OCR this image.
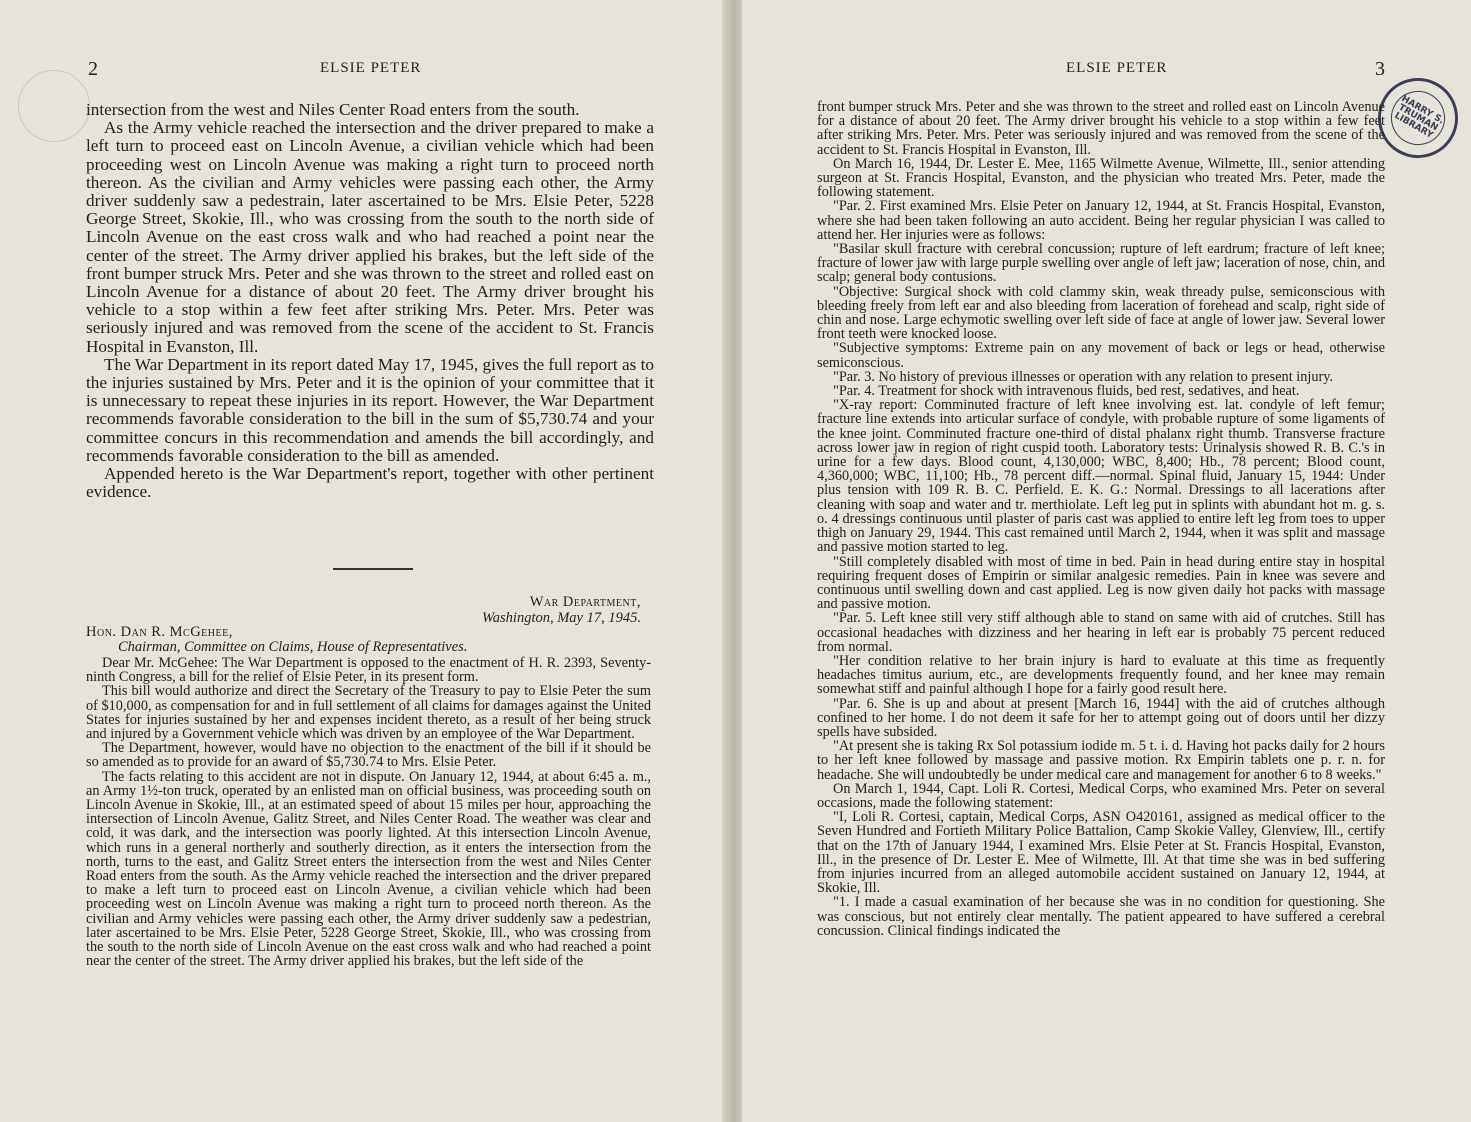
2	ELSIE PETER

intersection from the west and Niles Center Road enters from the south.

As the Army vehicle reached the intersection and the driver prepared to make a left turn to proceed east on Lincoln Avenue, a civilian vehicle which had been proceeding west on Lincoln Avenue was making a right turn to proceed north thereon. As the civilian and Army vehicles were passing each other, the Army driver suddenly saw a pedestrain, later ascertained to be Mrs. Elsie Peter, 5228 George Street, Skokie, Ill., who was crossing from the south to the north side of Lincoln Avenue on the east cross walk and who had reached a point near the center of the street. The Army driver applied his brakes, but the left side of the front bumper struck Mrs. Peter and she was thrown to the street and rolled east on Lincoln Avenue for a distance of about 20 feet. The Army driver brought his vehicle to a stop within a few feet after striking Mrs. Peter. Mrs. Peter was seriously injured and was removed from the scene of the accident to St. Francis Hospital in Evanston, Ill.

The War Department in its report dated May 17, 1945, gives the full report as to the injuries sustained by Mrs. Peter and it is the opinion of your committee that it is unnecessary to repeat these injuries in its report. However, the War Department recommends favorable consideration to the bill in the sum of $5,730.74 and your committee concurs in this recommendation and amends the bill accordingly, and recommends favorable consideration to the bill as amended.

Appended hereto is the War Department's report, together with other pertinent evidence.

War Department,
Washington, May 17, 1945.
Hon. Dan R. McGehee,
Chairman, Committee on Claims, House of Representatives.

Dear Mr. McGehee: The War Department is opposed to the enactment of H. R. 2393, Seventy-ninth Congress, a bill for the relief of Elsie Peter, in its present form.

This bill would authorize and direct the Secretary of the Treasury to pay to Elsie Peter the sum of $10,000, as compensation for and in full settlement of all claims for damages against the United States for injuries sustained by her and expenses incident thereto, as a result of her being struck and injured by a Government vehicle which was driven by an employee of the War Department.

The Department, however, would have no objection to the enactment of the bill if it should be so amended as to provide for an award of $5,730.74 to Mrs. Elsie Peter.

The facts relating to this accident are not in dispute. On January 12, 1944, at about 6:45 a. m., an Army 1½-ton truck, operated by an enlisted man on official business, was proceeding south on Lincoln Avenue in Skokie, Ill., at an estimated speed of about 15 miles per hour, approaching the intersection of Lincoln Avenue, Galitz Street, and Niles Center Road. The weather was clear and cold, it was dark, and the intersection was poorly lighted. At this intersection Lincoln Avenue, which runs in a general northerly and southerly direction, as it enters the intersection from the north, turns to the east, and Galitz Street enters the intersection from the west and Niles Center Road enters from the south. As the Army vehicle reached the intersection and the driver prepared to make a left turn to proceed east on Lincoln Avenue, a civilian vehicle which had been proceeding west on Lincoln Avenue was making a right turn to proceed north thereon. As the civilian and Army vehicles were passing each other, the Army driver suddenly saw a pedestrian, later ascertained to be Mrs. Elsie Peter, 5228 George Street, Skokie, Ill., who was crossing from the south to the north side of Lincoln Avenue on the east cross walk and who had reached a point near the center of the street. The Army driver applied his brakes, but the left side of the

ELSIE PETER	3
HARRY S. TRUMAN LIBRARY

front bumper struck Mrs. Peter and she was thrown to the street and rolled east on Lincoln Avenue for a distance of about 20 feet. The Army driver brought his vehicle to a stop within a few feet after striking Mrs. Peter. Mrs. Peter was seriously injured and was removed from the scene of the accident to St. Francis Hospital in Evanston, Ill.

On March 16, 1944, Dr. Lester E. Mee, 1165 Wilmette Avenue, Wilmette, Ill., senior attending surgeon at St. Francis Hospital, Evanston, and the physician who treated Mrs. Peter, made the following statement.

"Par. 2. First examined Mrs. Elsie Peter on January 12, 1944, at St. Francis Hospital, Evanston, where she had been taken following an auto accident. Being her regular physician I was called to attend her. Her injuries were as follows:

"Basilar skull fracture with cerebral concussion; rupture of left eardrum; fracture of left knee; fracture of lower jaw with large purple swelling over angle of left jaw; laceration of nose, chin, and scalp; general body contusions.

"Objective: Surgical shock with cold clammy skin, weak thready pulse, semiconscious with bleeding freely from left ear and also bleeding from laceration of forehead and scalp, right side of chin and nose. Large echymotic swelling over left side of face at angle of lower jaw. Several lower front teeth were knocked loose.

"Subjective symptoms: Extreme pain on any movement of back or legs or head, otherwise semiconscious.

"Par. 3. No history of previous illnesses or operation with any relation to present injury.

"Par. 4. Treatment for shock with intravenous fluids, bed rest, sedatives, and heat.

"X-ray report: Comminuted fracture of left knee involving est. lat. condyle of left femur; fracture line extends into articular surface of condyle, with probable rupture of some ligaments of the knee joint. Comminuted fracture one-third of distal phalanx right thumb. Transverse fracture across lower jaw in region of right cuspid tooth. Laboratory tests: Urinalysis showed R. B. C.'s in urine for a few days. Blood count, 4,130,000; WBC, 8,400; Hb., 78 percent; Blood count, 4,360,000; WBC, 11,100; Hb., 78 percent diff.—normal. Spinal fluid, January 15, 1944: Under plus tension with 109 R. B. C. Perfield. E. K. G.: Normal. Dressings to all lacerations after cleaning with soap and water and tr. merthiolate. Left leg put in splints with abundant hot m. g. s. o. 4 dressings continuous until plaster of paris cast was applied to entire left leg from toes to upper thigh on January 29, 1944. This cast remained until March 2, 1944, when it was split and massage and passive motion started to leg.

"Still completely disabled with most of time in bed. Pain in head during entire stay in hospital requiring frequent doses of Empirin or similar analgesic remedies. Pain in knee was severe and continuous until swelling down and cast applied. Leg is now given daily hot packs with massage and passive motion.

"Par. 5. Left knee still very stiff although able to stand on same with aid of crutches. Still has occasional headaches with dizziness and her hearing in left ear is probably 75 percent reduced from normal.

"Her condition relative to her brain injury is hard to evaluate at this time as frequently headaches timitus aurium, etc., are developments frequently found, and her knee may remain somewhat stiff and painful although I hope for a fairly good result here.

"Par. 6. She is up and about at present [March 16, 1944] with the aid of crutches although confined to her home. I do not deem it safe for her to attempt going out of doors until her dizzy spells have subsided.

"At present she is taking Rx Sol potassium iodide m. 5 t. i. d. Having hot packs daily for 2 hours to her left knee followed by massage and passive motion. Rx Empirin tablets one p. r. n. for headache. She will undoubtedly be under medical care and management for another 6 to 8 weeks."

On March 1, 1944, Capt. Loli R. Cortesi, Medical Corps, who examined Mrs. Peter on several occasions, made the following statement:

"I, Loli R. Cortesi, captain, Medical Corps, ASN O420161, assigned as medical officer to the Seven Hundred and Fortieth Military Police Battalion, Camp Skokie Valley, Glenview, Ill., certify that on the 17th of January 1944, I examined Mrs. Elsie Peter at St. Francis Hospital, Evanston, Ill., in the presence of Dr. Lester E. Mee of Wilmette, Ill. At that time she was in bed suffering from injuries incurred from an alleged automobile accident sustained on January 12, 1944, at Skokie, Ill.

"1. I made a casual examination of her because she was in no condition for questioning. She was conscious, but not entirely clear mentally. The patient appeared to have suffered a cerebral concussion. Clinical findings indicated the
